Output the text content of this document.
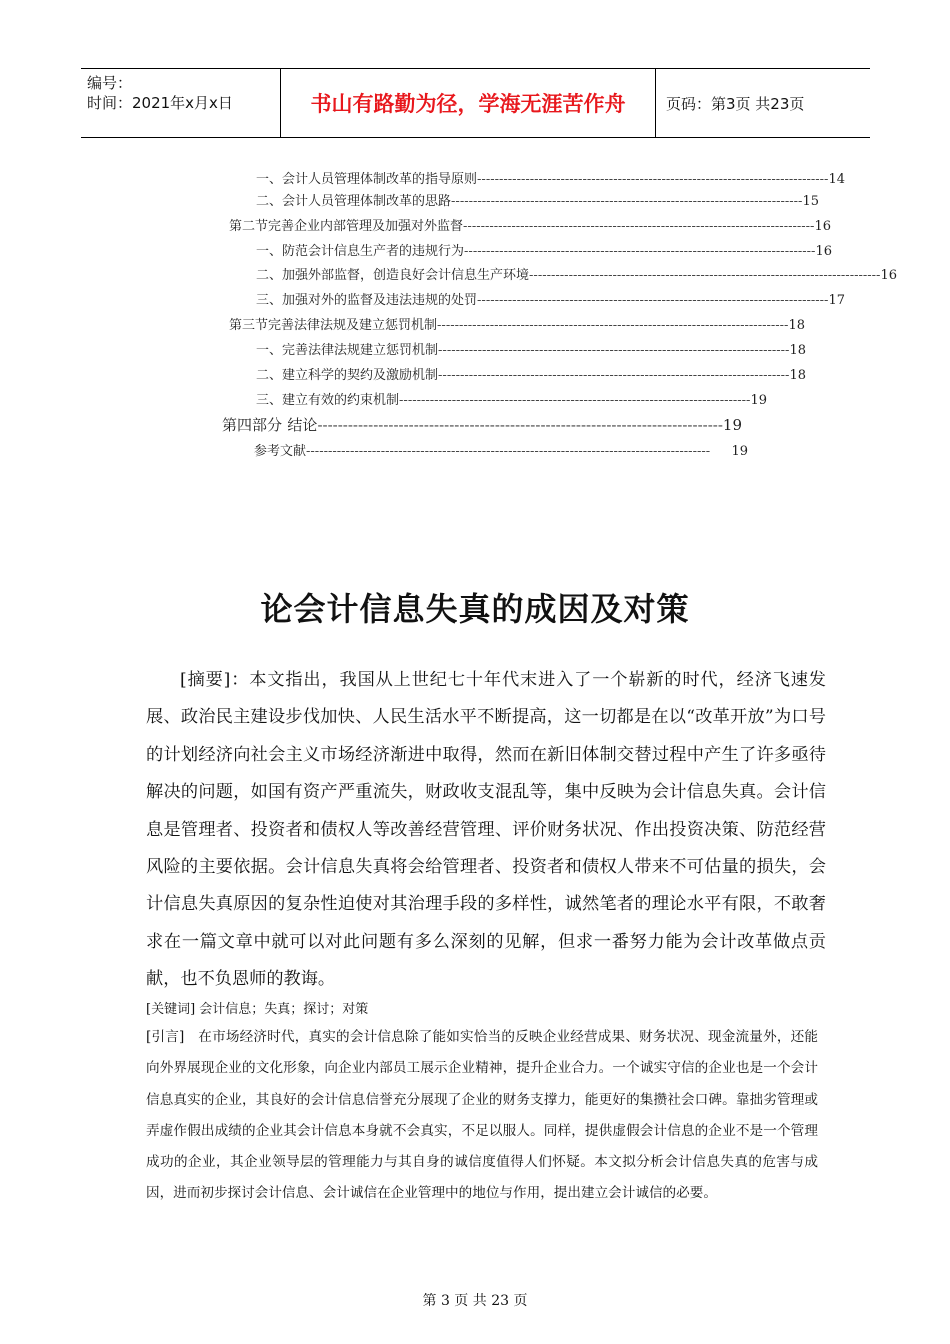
编号：
时间：2021年x月x日	书山有路勤为径，学海无涯苦作舟	页码：第3页 共23页
一、 会计人员管理体制改革的指导原则 -------------------------------------------------------------------------------- 14
二、 会计人员管理体制改革的思路 -------------------------------------------------------------------------------- 15
第二节 完善企业内部管理及加强对外监督 -------------------------------------------------------------------------------- 16
一、 防范会计信息生产者的违规行为 -------------------------------------------------------------------------------- 16
二、 加强外部监督，创造良好会计信息生产环境 -------------------------------------------------------------------------------- 16
三、 加强对外的监督及违法违规的处罚 -------------------------------------------------------------------------------- 17
第三节 完善法律法规及建立惩罚机制 -------------------------------------------------------------------------------- 18
一、 完善法律法规建立惩罚机制 -------------------------------------------------------------------------------- 18
二、 建立科学的契约及激励机制 -------------------------------------------------------------------------------- 18
三、 建立有效的约束机制 -------------------------------------------------------------------------------- 19
第四部分 结论 -------------------------------------------------------------------------------- 19
参考文献 --------------------------------------------------------------------------------------------	19
论会计信息失真的成因及对策

[摘要]：本文指出，我国从上世纪七十年代末进入了一个崭新的时代，经济飞速发展、政治民主建设步伐加快、人民生活水平不断提高，这一切都是在以“改革开放”为口号的计划经济向社会主义市场经济渐进中取得，然而在新旧体制交替过程中产生了许多亟待解决的问题，如国有资产严重流失，财政收支混乱等，集中反映为会计信息失真。会计信息是管理者、投资者和债权人等改善经营管理、评价财务状况、作出投资决策、防范经营风险的主要依据。会计信息失真将会给管理者、投资者和债权人带来不可估量的损失，会计信息失真原因的复杂性迫使对其治理手段的多样性，诚然笔者的理论水平有限，不敢奢求在一篇文章中就可以对此问题有多么深刻的见解，但求一番努力能为会计改革做点贡献，也不负恩师的教诲。

[关键词] 会计信息；失真；探讨；对策
[引言]　在市场经济时代，真实的会计信息除了能如实恰当的反映企业经营成果、财务状况、现金流量外，还能向外界展现企业的文化形象，向企业内部员工展示企业精神，提升企业合力。一个诚实守信的企业也是一个会计信息真实的企业，其良好的会计信息信誉充分展现了企业的财务支撑力，能更好的集攒社会口碑。靠拙劣管理或弄虚作假出成绩的企业其会计信息本身就不会真实，不足以服人。同样，提供虚假会计信息的企业不是一个管理成功的企业，其企业领导层的管理能力与其自身的诚信度值得人们怀疑。本文拟分析会计信息失真的危害与成因，进而初步探讨会计信息、会计诚信在企业管理中的地位与作用，提出建立会计诚信的必要。
第 3 页 共 23 页
